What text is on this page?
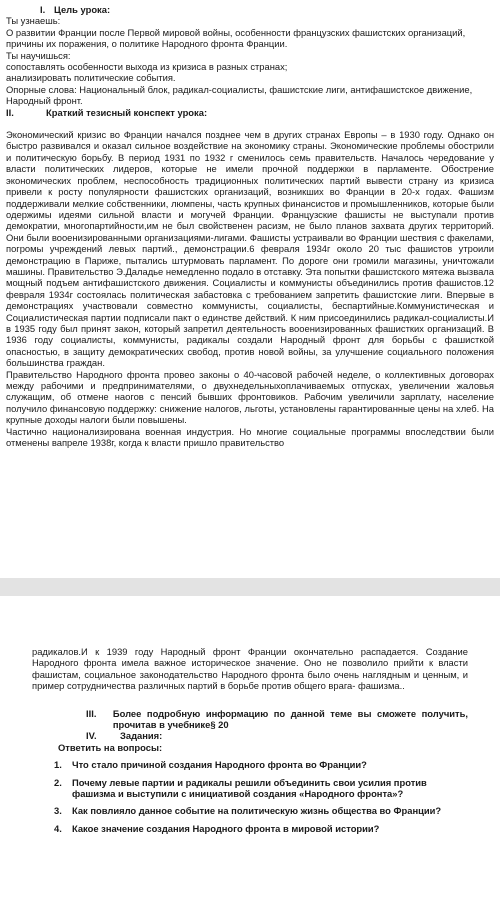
I. Цель урока:

Ты узнаешь:

О развитии Франции после Первой мировой войны, особенности французских фашистских организаций, причины их поражения, о политике Народного фронта Франции.

Ты научишься:

сопоставлять особенности выхода из кризиса в разных странах;

анализировать политические события.

Опорные слова: Национальный блок, радикал-социалисты, фашистские лиги, антифашистское движение, Народный фронт.

II.	Краткий тезисный конспект урока:

Экономический кризис во Франции начался позднее чем в других странах Европы – в 1930 году. Однако он быстро развивался и оказал сильное воздействие на экономику страны. Экономические проблемы обострили и политическую борьбу. В период 1931 по 1932 г сменилось семь правительств. Началось чередование у власти политических лидеров, которые не имели прочной поддержки в парламенте. Обострение экономических проблем, неспособность традиционных политических партий вывести страну из кризиса привели к росту популярности фашистских организаций, возникших во Франции в 20-х годах. Фашизм поддерживали мелкие собственники, люмпены, часть крупных финансистов и промышленников, которые были одержимы идеями сильной власти и могучей Франции. Французские фашисты не выступали против демократии, многопартийности,им не был свойственен расизм, не было планов захвата других территорий. Они были вооенизированными организациями-лигами. Фашисты устраивали во Франции шествия с факелами, погромы учреждений левых партий., демонстрации.6 февраля 1934г около 20 тыс фашистов утроили демонстрацию в Париже, пытались штурмовать парламент. По дороге они громили магазины, уничтожали машины. Правительство Э.Даладье немедленно подало в отставку. Эта попытки фашистского мятежа вызвала мощный подъем антифашистского движения. Социалисты и коммунисты объединились против фашистов.12 февраля 1934г состоялась политическая забастовка с требованием запретить фашистские лиги. Впервые в демонстрациях участвовали совместно коммунисты, социалисты, беспартийные.Коммунистическая и Социалистическая партии подписали пакт о единстве действий. К ним присоединились радикал-социалисты.И в 1935 году был принят закон, который запретил деятельность вооенизированных фашистких организаций. В 1936 году социалисты, коммунисты, радикалы создали Народный фронт для борьбы с фашисткой опасностью, в защиту демократических свобод, против новой войны, за улучшение социального положения большинства граждан.

Правительство Народного фронта провео законы о 40-часовой рабочей неделе, о коллективных договорах между рабочими и предпринимателями, о двухнедельныхоплачиваемых отпусках, увеличении жаловья служащим, об отмене наогов с пенсий бывших фронтовиков. Рабочим увеличили зарплату, население получило финансовую поддержку: снижение налогов, льготы, установлены гарантированные цены на хлеб. На крупные доходы налоги были повышены.

Частично национализирована военная индустрия. Но многие социальные программы впоследствии были отменены вапреле 1938г, когда к власти пришло правительство

радикалов.И к 1939 году Народный фронт Франции окончательно распадается. Создание Народного фронта имела важное историческое значение. Оно не позволило прийти к власти фашистам, социальное законодательство Народного фронта было очень наглядным и ценным, и пример сотрудничества различных партий в борьбе против общего врага- фашизма..

III.	Более подробную информацию по данной теме вы сможете получить, прочитав в учебнике§ 20
IV.	Задания:

Ответить на вопросы:

1.	Что стало причиной создания Народного фронта во Франции?
2.	Почему левые партии и радикалы решили объединить свои усилия против фашизма и выступили с инициативой создания «Народного фронта»?
3.	Как повлияло данное событие на политическую жизнь общества во Франции?
4.	Какое значение создания Народного фронта в мировой истории?
